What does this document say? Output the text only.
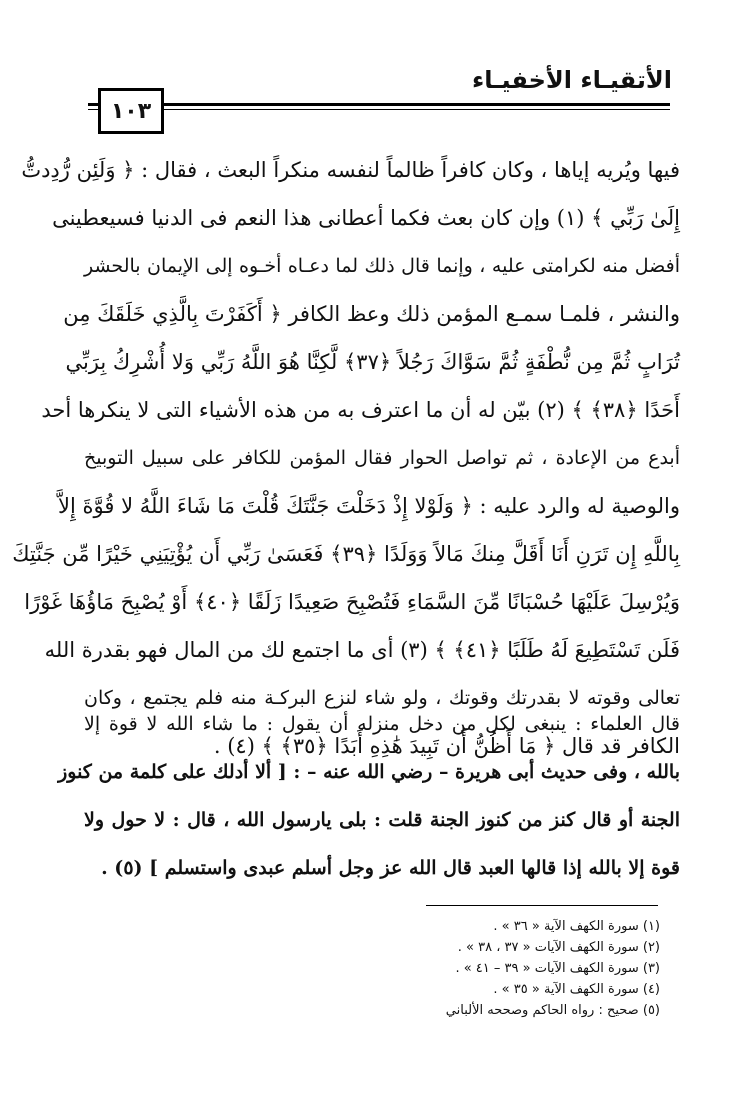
الأتقيـاء الأخفيـاء
١٠٣
فيها ويُريه إياها ، وكان كافراً ظالماً لنفسه منكراً البعث ، فقال : ﴿ وَلَئِن رُّدِدتُّ
إِلَىٰ رَبِّي ﴾ (١) وإن كان بعث فكما أعطانى هذا النعم فى الدنيا فسيعطينى
أفضل منه لكرامتى عليه ، وإنما قال ذلك لما دعـاه أخـوه إلى الإيمان بالحشر
والنشر ، فلمـا سمـع المؤمن ذلك وعظ الكافر ﴿ أَكَفَرْتَ بِالَّذِي خَلَقَكَ مِن
تُرَابٍ ثُمَّ مِن نُّطْفَةٍ ثُمَّ سَوَّاكَ رَجُلاً ﴿٣٧﴾ لَّكِنَّا هُوَ اللَّهُ رَبِّي وَلا أُشْرِكُ بِرَبِّي
أَحَدًا ﴿٣٨﴾ ﴾ (٢) بيّن له أن ما اعترف به من هذه الأشياء التى لا ينكرها أحد
أبدع من الإعادة ، ثم تواصل الحوار فقال المؤمن للكافر على سبيل التوبيخ
والوصية له والرد عليه : ﴿ وَلَوْلا إِذْ دَخَلْتَ جَنَّتَكَ قُلْتَ مَا شَاءَ اللَّهُ لا قُوَّةَ إِلاَّ
بِاللَّهِ إِن تَرَنِ أَنَا أَقَلَّ مِنكَ مَالاً وَوَلَدًا ﴿٣٩﴾ فَعَسَىٰ رَبِّي أَن يُؤْتِيَنِي خَيْرًا مِّن جَنَّتِكَ
وَيُرْسِلَ عَلَيْهَا حُسْبَانًا مِّنَ السَّمَاءِ فَتُصْبِحَ صَعِيدًا زَلَقًا ﴿٤٠﴾ أَوْ يُصْبِحَ مَاؤُهَا غَوْرًا
فَلَن تَسْتَطِيعَ لَهُ طَلَبًا ﴿٤١﴾ ﴾ (٣) أى ما اجتمع لك من المال فهو بقدرة الله
تعالى وقوته لا بقدرتك وقوتك ، ولو شاء لنزع البركـة منه فلم يجتمع ، وكان
الكافر قد قال ﴿ مَا أَظُنُّ أَن تَبِيدَ هَٰذِهِ أَبَدًا ﴿٣٥﴾ ﴾ (٤) .
قال العلماء : ينبغى لكل من دخل منزله أن يقول : ما شاء الله لا قوة إلا
بالله ، وفى حديث أبى هريرة – رضي الله عنه – : [ ألا أدلك على كلمة من كنوز
الجنة أو قال كنز من كنوز الجنة قلت : بلى يارسول الله ، قال : لا حول ولا
قوة إلا بالله إذا قالها العبد قال الله عز وجل أسلم عبدى واستسلم ] (٥) .
(١) سورة الكهف الآية « ٣٦ » .
(٢) سورة الكهف الآيات « ٣٧ ، ٣٨ » .
(٣) سورة الكهف الآيات « ٣٩ – ٤١ » .
(٤) سورة الكهف الآية « ٣٥ » .
(٥) صحيح : رواه الحاكم وصححه الألباني
